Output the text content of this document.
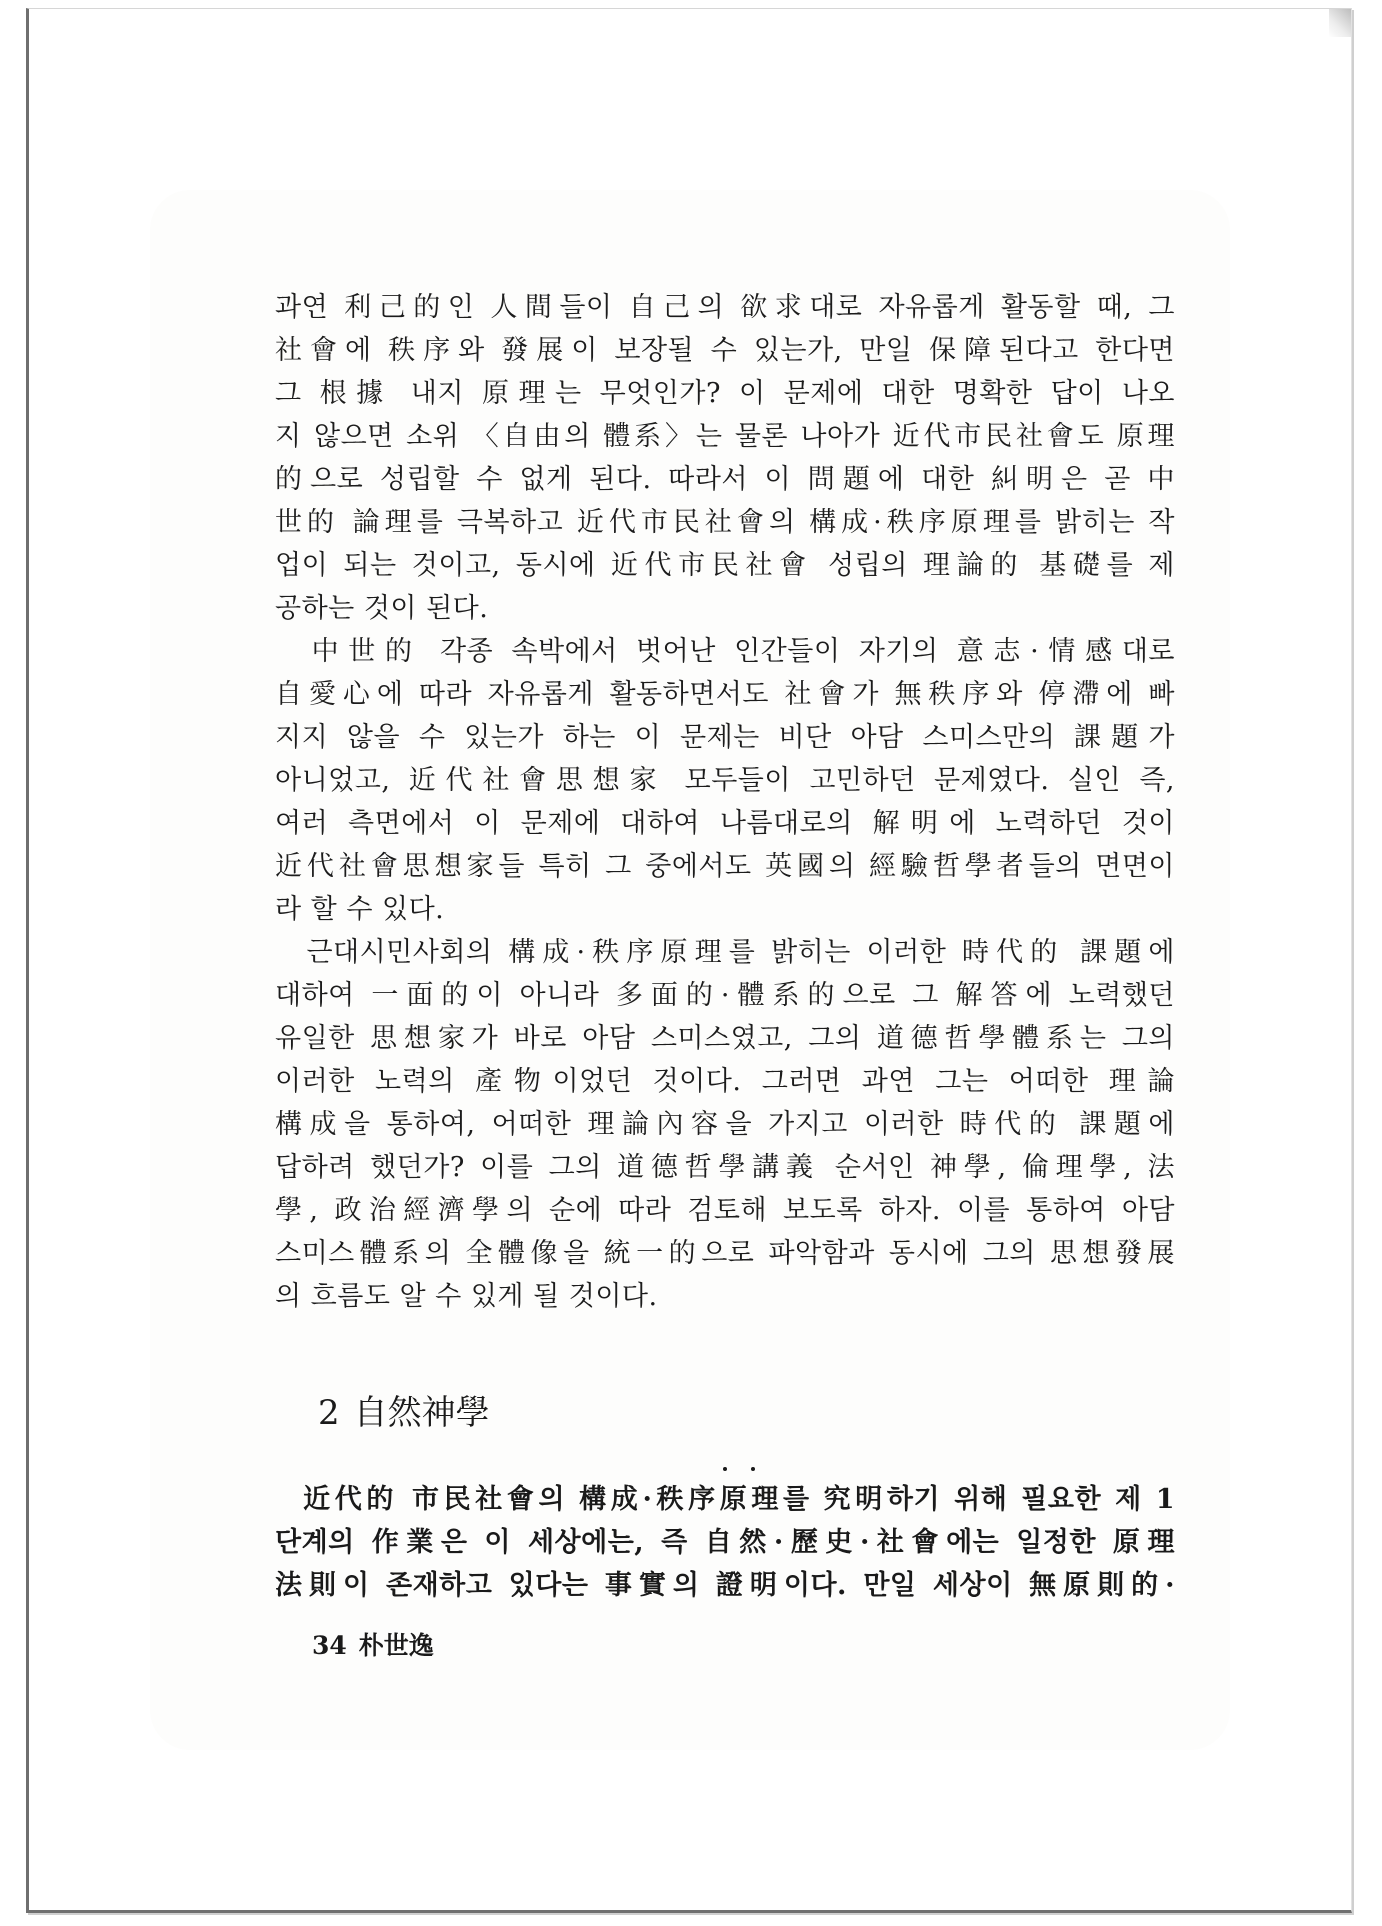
과연 利己的인 人間들이 自己의 欲求대로 자유롭게 활동할 때, 그
社會에 秩序와 發展이 보장될 수 있는가, 만일 保障된다고 한다면
그 根據 내지 原理는 무엇인가? 이 문제에 대한 명확한 답이 나오
지 않으면 소위 〈自由의 體系〉는 물론 나아가 近代市民社會도 原理
的으로 성립할 수 없게 된다. 따라서 이 問題에 대한 糾明은 곧 中
世的 論理를 극복하고 近代市民社會의 構成·秩序原理를 밝히는 작
업이 되는 것이고, 동시에 近代市民社會 성립의 理論的 基礎를 제
공하는 것이 된다.
中世的 각종 속박에서 벗어난 인간들이 자기의 意志·情感대로
自愛心에 따라 자유롭게 활동하면서도 社會가 無秩序와 停滯에 빠
지지 않을 수 있는가 하는 이 문제는 비단 아담 스미스만의 課題가
아니었고, 近代社會思想家 모두들이 고민하던 문제였다. 실인 즉,
여러 측면에서 이 문제에 대하여 나름대로의 解明에 노력하던 것이
近代社會思想家들 특히 그 중에서도 英國의 經驗哲學者들의 면면이
라 할 수 있다.
근대시민사회의 構成·秩序原理를 밝히는 이러한 時代的 課題에
대하여 一面的이 아니라 多面的·體系的으로 그 解答에 노력했던
유일한 思想家가 바로 아담 스미스였고, 그의 道德哲學體系는 그의
이러한 노력의 產物이었던 것이다. 그러면 과연 그는 어떠한 理論
構成을 통하여, 어떠한 理論內容을 가지고 이러한 時代的 課題에
답하려 했던가? 이를 그의 道德哲學講義 순서인 神學, 倫理學, 法
學, 政治經濟學의 순에 따라 검토해 보도록 하자. 이를 통하여 아담
스미스體系의 全體像을 統一的으로 파악함과 동시에 그의 思想發展
의 흐름도 알 수 있게 될 것이다.
2 自然神學
近代的 市民社會의 構成·秩序原理를 究明하기 위해 필요한 제 1
단계의 作業은 이 세상에는, 즉 自然·歷史·社會에는 일정한 原理
法則이 존재하고 있다는 事實의 證明이다. 만일 세상이 無原則的·
34 朴世逸
